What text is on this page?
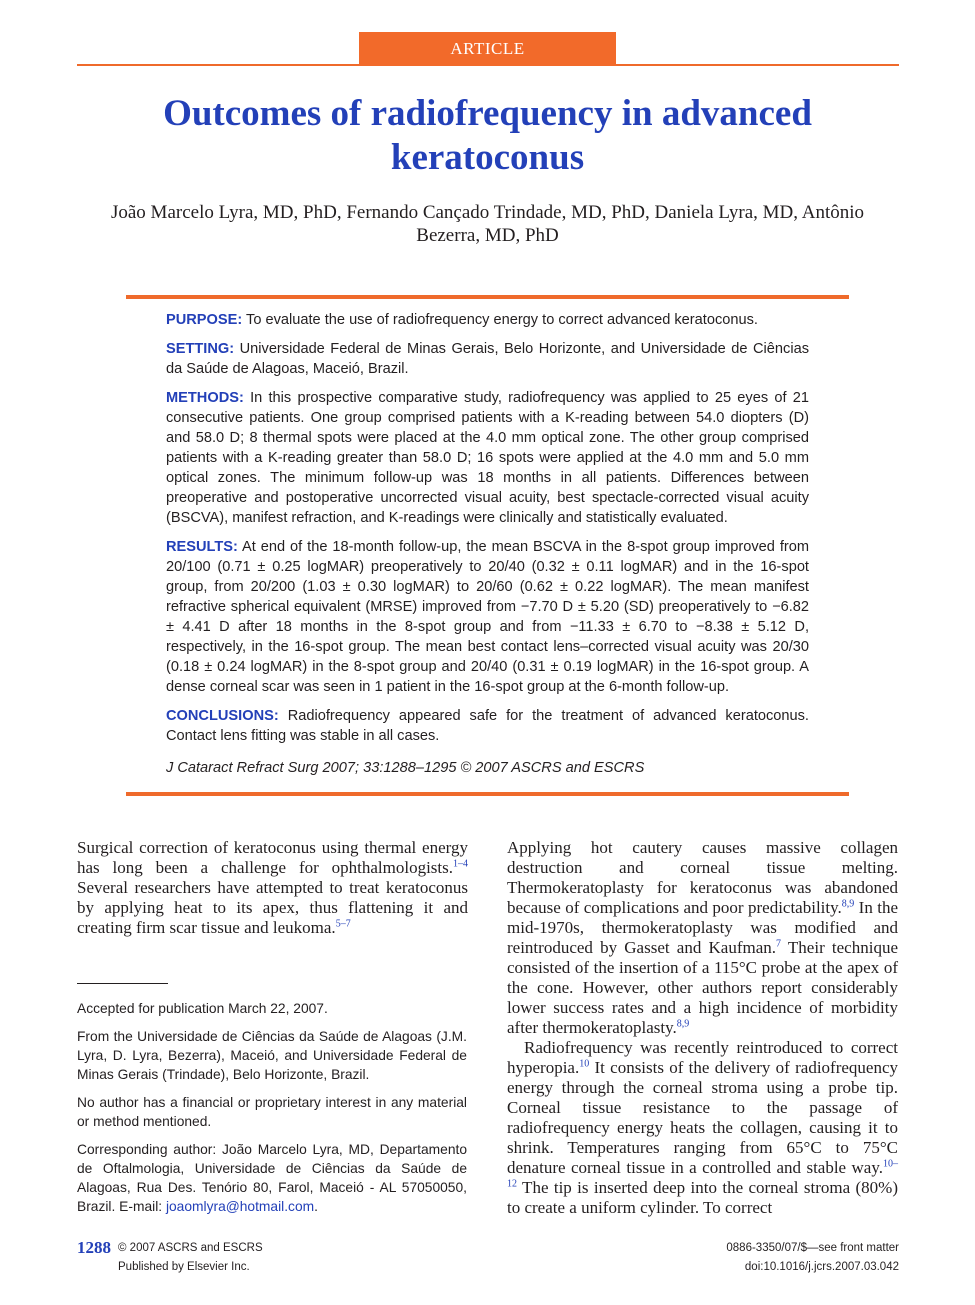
ARTICLE
Outcomes of radiofrequency in advanced keratoconus
João Marcelo Lyra, MD, PhD, Fernando Cançado Trindade, MD, PhD, Daniela Lyra, MD, Antônio Bezerra, MD, PhD

PURPOSE: To evaluate the use of radiofrequency energy to correct advanced keratoconus.

SETTING: Universidade Federal de Minas Gerais, Belo Horizonte, and Universidade de Ciências da Saúde de Alagoas, Maceió, Brazil.

METHODS: In this prospective comparative study, radiofrequency was applied to 25 eyes of 21 consecutive patients. One group comprised patients with a K-reading between 54.0 diopters (D) and 58.0 D; 8 thermal spots were placed at the 4.0 mm optical zone. The other group comprised patients with a K-reading greater than 58.0 D; 16 spots were applied at the 4.0 mm and 5.0 mm optical zones. The minimum follow-up was 18 months in all patients. Differences between preoperative and postoperative uncorrected visual acuity, best spectacle-corrected visual acuity (BSCVA), manifest refraction, and K-readings were clinically and statistically evaluated.

RESULTS: At end of the 18-month follow-up, the mean BSCVA in the 8-spot group improved from 20/100 (0.71 ± 0.25 logMAR) preoperatively to 20/40 (0.32 ± 0.11 logMAR) and in the 16-spot group, from 20/200 (1.03 ± 0.30 logMAR) to 20/60 (0.62 ± 0.22 logMAR). The mean manifest refractive spherical equivalent (MRSE) improved from −7.70 D ± 5.20 (SD) preoperatively to −6.82 ± 4.41 D after 18 months in the 8-spot group and from −11.33 ± 6.70 to −8.38 ± 5.12 D, respectively, in the 16-spot group. The mean best contact lens–corrected visual acuity was 20/30 (0.18 ± 0.24 logMAR) in the 8-spot group and 20/40 (0.31 ± 0.19 logMAR) in the 16-spot group. A dense corneal scar was seen in 1 patient in the 16-spot group at the 6-month follow-up.

CONCLUSIONS: Radiofrequency appeared safe for the treatment of advanced keratoconus. Contact lens fitting was stable in all cases.

J Cataract Refract Surg 2007; 33:1288–1295 © 2007 ASCRS and ESCRS

Surgical correction of keratoconus using thermal energy has long been a challenge for ophthalmologists.$^{1-4}$ Several researchers have attempted to treat keratoconus by applying heat to its apex, thus flattening it and creating firm scar tissue and leukoma.$^{5-7}$

Accepted for publication March 22, 2007.

From the Universidade de Ciências da Saúde de Alagoas (J.M. Lyra, D. Lyra, Bezerra), Maceió, and Universidade Federal de Minas Gerais (Trindade), Belo Horizonte, Brazil.

No author has a financial or proprietary interest in any material or method mentioned.

Corresponding author: João Marcelo Lyra, MD, Departamento de Oftalmologia, Universidade de Ciências da Saúde de Alagoas, Rua Des. Tenório 80, Farol, Maceió - AL 57050050, Brazil. E-mail: joaomlyra@hotmail.com.

Applying hot cautery causes massive collagen destruction and corneal tissue melting. Thermokeratoplasty for keratoconus was abandoned because of complications and poor predictability.$^{8,9}$ In the mid-1970s, thermokeratoplasty was modified and reintroduced by Gasset and Kaufman.$^7$ Their technique consisted of the insertion of a 115°C probe at the apex of the cone. However, other authors report considerably lower success rates and a high incidence of morbidity after thermokeratoplasty.$^{8,9}$

Radiofrequency was recently reintroduced to correct hyperopia.$^{10}$ It consists of the delivery of radiofrequency energy through the corneal stroma using a probe tip. Corneal tissue resistance to the passage of radiofrequency energy heats the collagen, causing it to shrink. Temperatures ranging from 65°C to 75°C denature corneal tissue in a controlled and stable way.$^{10-12}$ The tip is inserted deep into the corneal stroma (80%) to create a uniform cylinder. To correct

1288 © 2007 ASCRS and ESCRS
Published by Elsevier Inc.
0886-3350/07/$—see front matter
doi:10.1016/j.jcrs.2007.03.042
